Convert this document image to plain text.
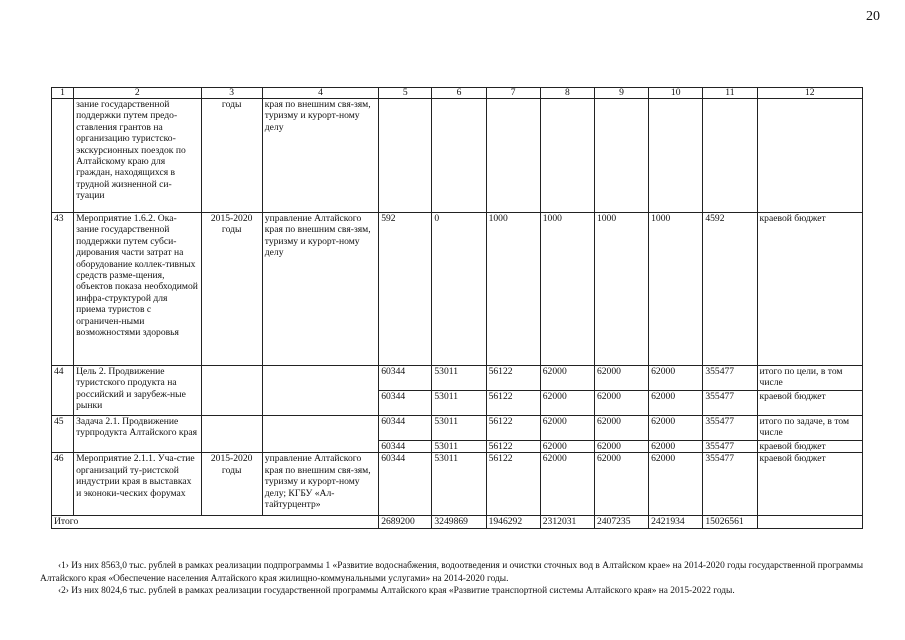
20
1	2	3	4	5	6	7	8	9	10	11	12
	зание государственной поддержки путем предо-ставления грантов на организацию туристско-экскурсионных поездок по Алтайскому краю для граждан, находящихся в трудной жизненной си-туации	годы	края по внешним свя-зям, туризму и курорт-ному делу								
43	Мероприятие 1.6.2. Ока-зание государственной поддержки путем субси-дирования части затрат на оборудование коллек-тивных средств разме-щения, объектов показа необходимой инфра-структурой для приема туристов с ограничен-ными возможностями здоровья	2015-2020 годы	управление Алтайского края по внешним свя-зям, туризму и курорт-ному делу	592	0	1000	1000	1000	1000	4592	краевой бюджет
44	Цель 2. Продвижение туристского продукта на российский и зарубеж-ные рынки			60344	53011	56122	62000	62000	62000	355477	итого по цели, в том числе
				60344	53011	56122	62000	62000	62000	355477	краевой бюджет
45	Задача 2.1. Продвижение турпродукта Алтайского края			60344	53011	56122	62000	62000	62000	355477	итого по задаче, в том числе
				60344	53011	56122	62000	62000	62000	355477	краевой бюджет
46	Мероприятие 2.1.1. Уча-стие организаций ту-ристской индустрии края в выставках и эконоки-ческих форумах	2015-2020 годы	управление Алтайского края по внешним свя-зям, туризму и курорт-ному делу; КГБУ «Ал-тайтурцентр»	60344	53011	56122	62000	62000	62000	355477	краевой бюджет
Итого				2689200	3249869	1946292	2312031	2407235	2421934	15026561	

‹1› Из них 8563,0 тыс. рублей в рамках реализации подпрограммы 1 «Развитие водоснабжения, водоотведения и очистки сточных вод в Алтайском крае» на 2014-2020 годы государственной программы Алтайского края «Обеспечение населения Алтайского края жилищно-коммунальными услугами» на 2014-2020 годы.

‹2› Из них 8024,6 тыс. рублей в рамках реализации государственной программы Алтайского края «Развитие транспортной системы Алтайского края» на 2015-2022 годы.
